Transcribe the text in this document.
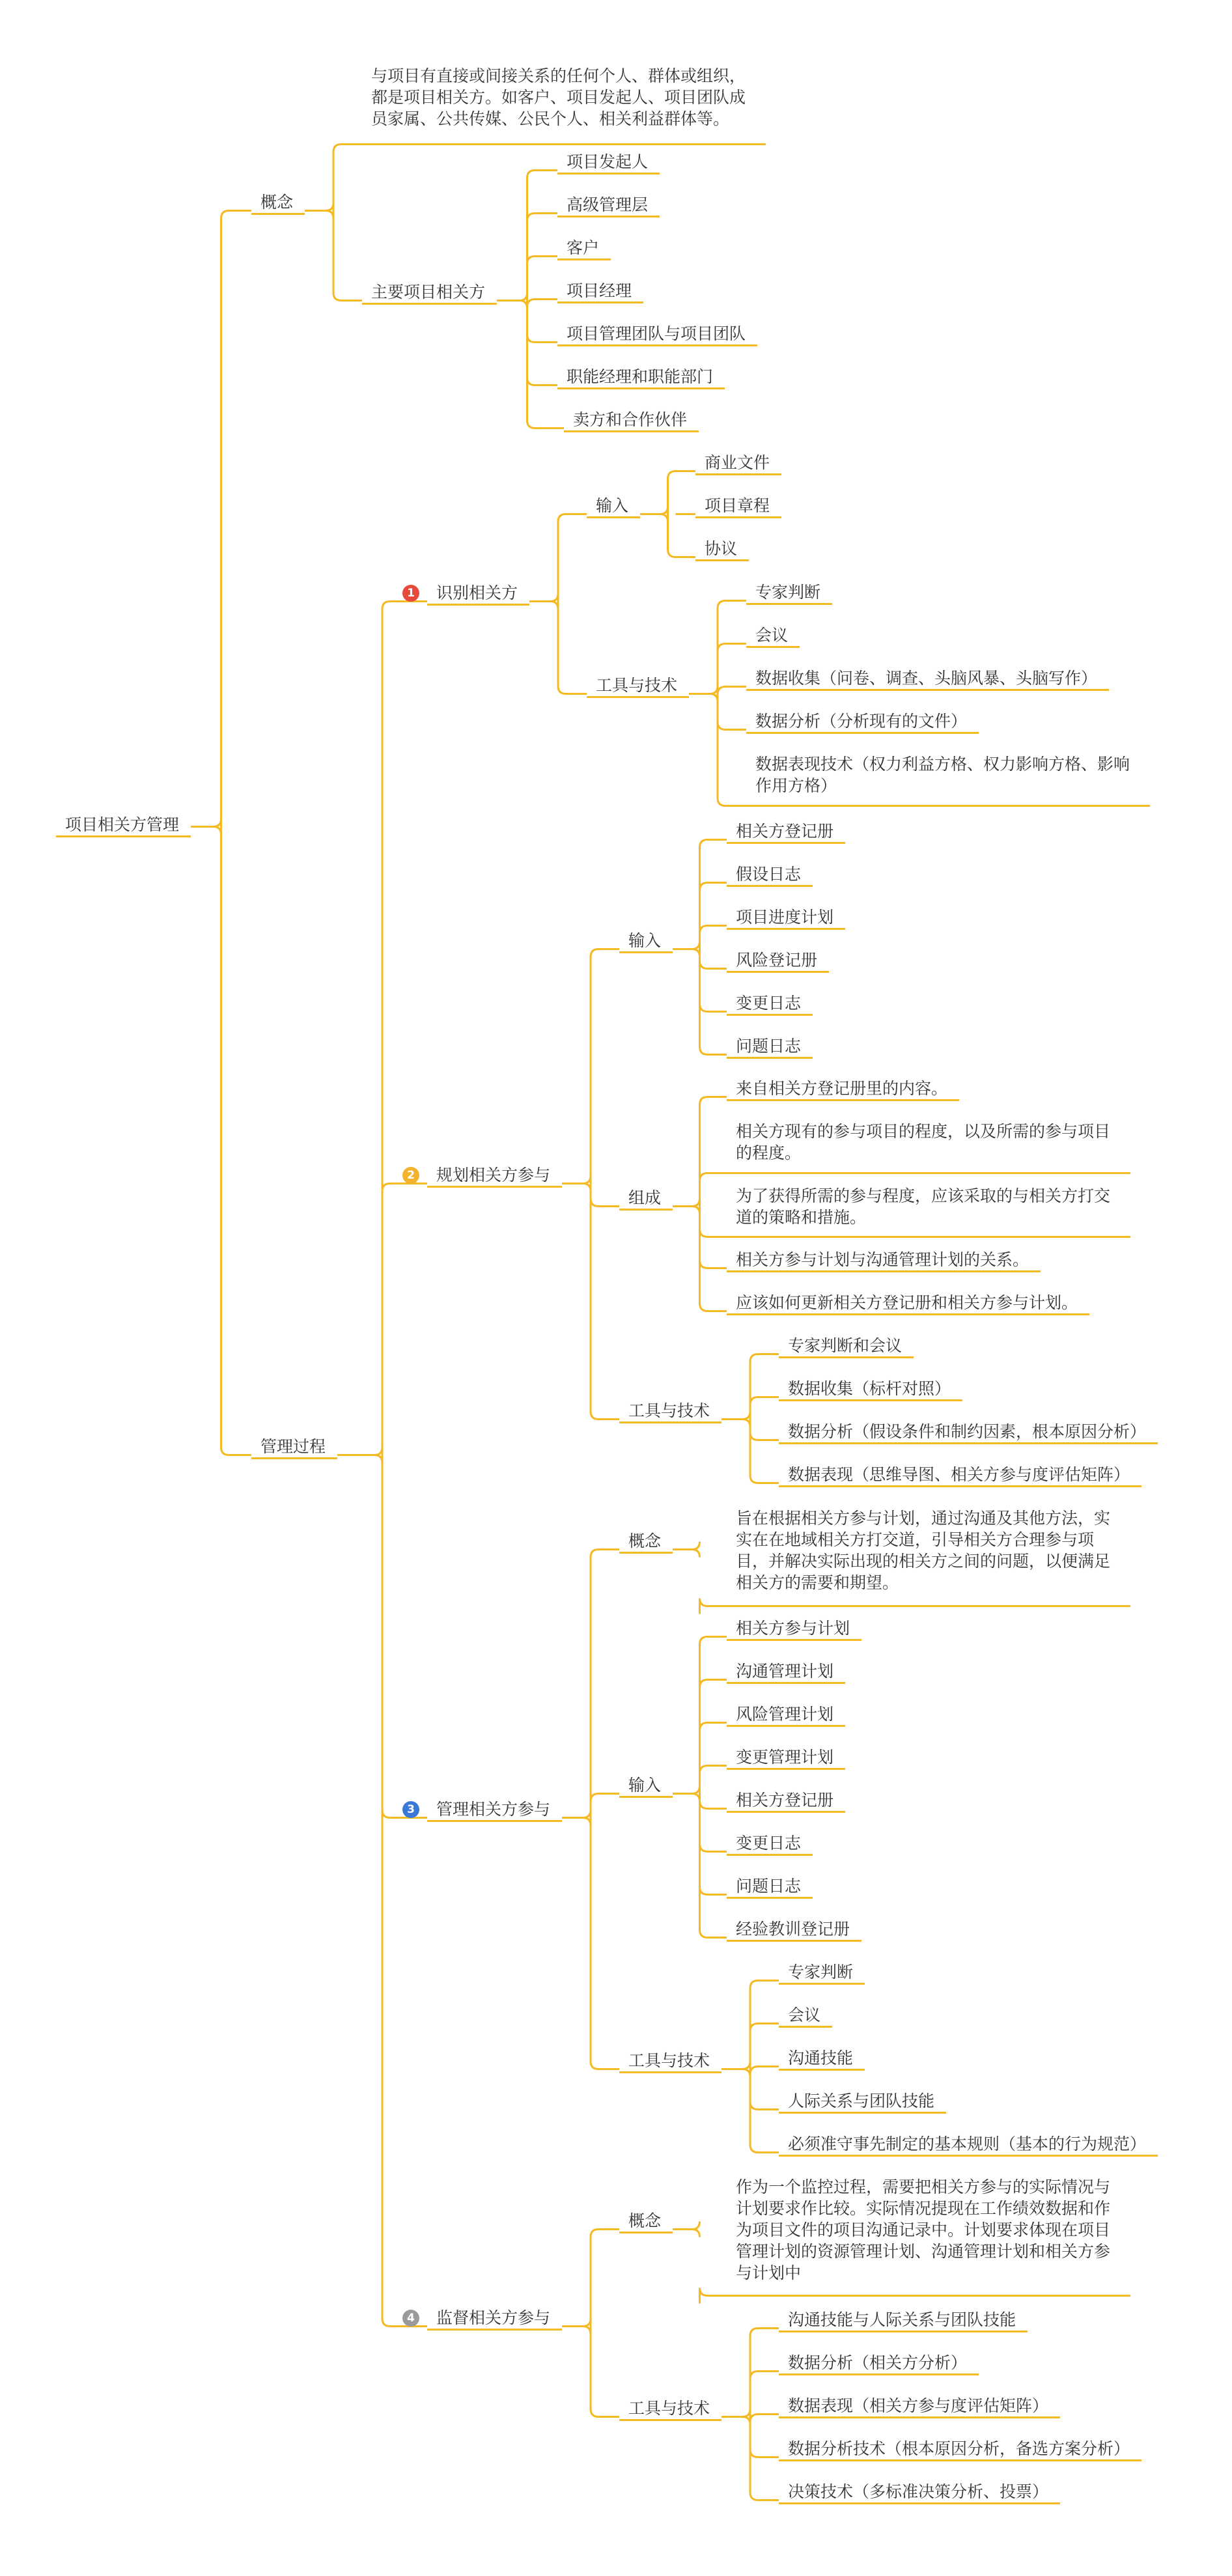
项目相关方管理
概念
与项目有直接或间接关系的任何个人、群体或组织，都是项目相关方。如客户、项目发起人、项目团队成员家属、公共传媒、公民个人、相关利益群体等。
主要项目相关方
项目发起人
高级管理层
客户
项目经理
项目管理团队与项目团队
职能经理和职能部门
卖方和合作伙伴
管理过程
1 识别相关方
输入
商业文件
项目章程
协议
工具与技术
专家判断
会议
数据收集（问卷、调查、头脑风暴、头脑写作）
数据分析（分析现有的文件）
数据表现技术（权力利益方格、权力影响方格、影响作用方格）
2 规划相关方参与
输入
相关方登记册
假设日志
项目进度计划
风险登记册
变更日志
问题日志
组成
来自相关方登记册里的内容。
相关方现有的参与项目的程度，以及所需的参与项目的程度。
为了获得所需的参与程度，应该采取的与相关方打交道的策略和措施。
相关方参与计划与沟通管理计划的关系。
应该如何更新相关方登记册和相关方参与计划。
工具与技术
专家判断和会议
数据收集（标杆对照）
数据分析（假设条件和制约因素，根本原因分析）
数据表现（思维导图、相关方参与度评估矩阵）
3 管理相关方参与
概念
旨在根据相关方参与计划，通过沟通及其他方法，实实在在地域相关方打交道，引导相关方合理参与项目，并解决实际出现的相关方之间的问题，以便满足相关方的需要和期望。
输入
相关方参与计划
沟通管理计划
风险管理计划
变更管理计划
相关方登记册
变更日志
问题日志
经验教训登记册
工具与技术
专家判断
会议
沟通技能
人际关系与团队技能
必须准守事先制定的基本规则（基本的行为规范）
4 监督相关方参与
概念
作为一个监控过程，需要把相关方参与的实际情况与计划要求作比较。实际情况提现在工作绩效数据和作为项目文件的项目沟通记录中。计划要求体现在项目管理计划的资源管理计划、沟通管理计划和相关方参与计划中
工具与技术
沟通技能与人际关系与团队技能
数据分析（相关方分析）
数据表现（相关方参与度评估矩阵）
数据分析技术（根本原因分析，备选方案分析）
决策技术（多标准决策分析、投票）
